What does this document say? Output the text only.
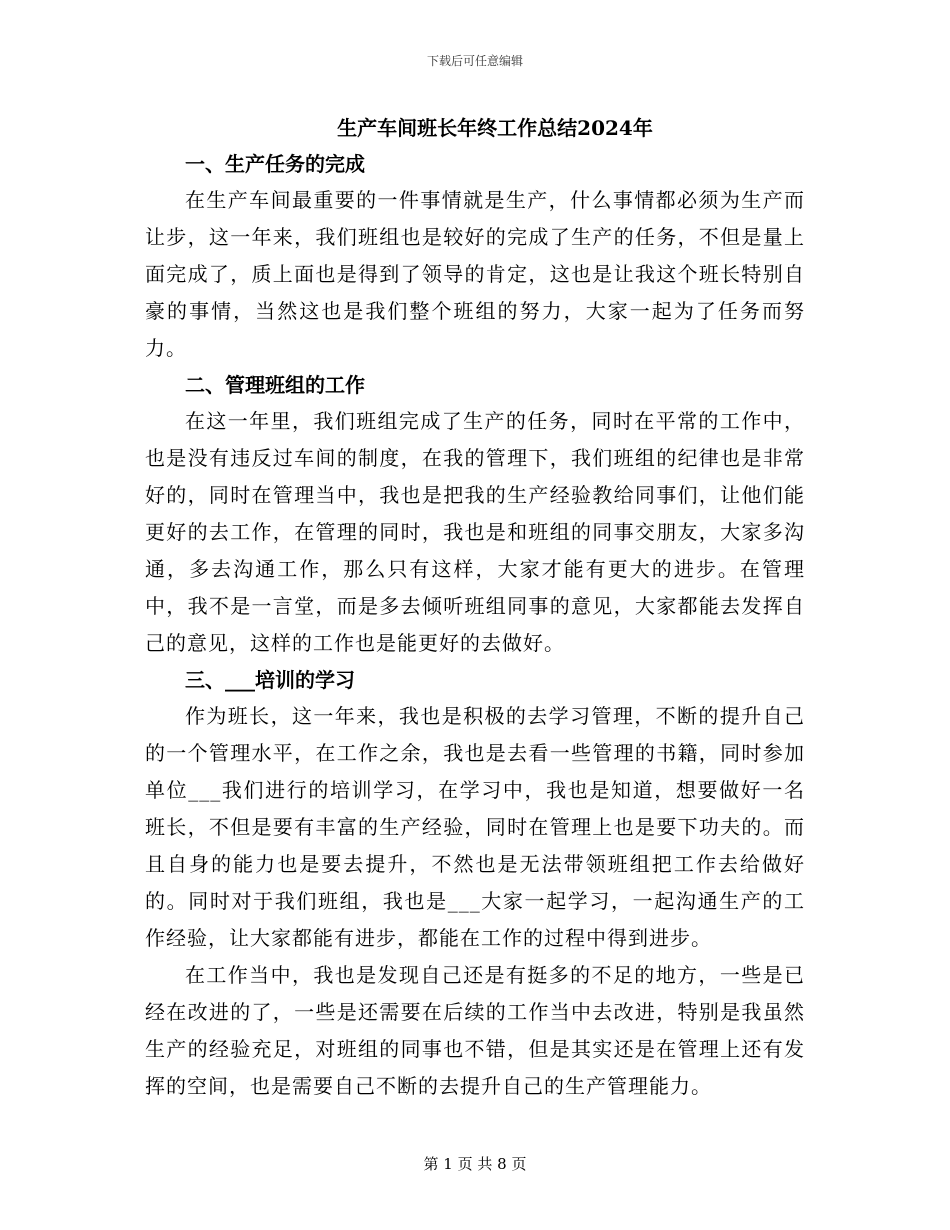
下载后可任意编辑
生产车间班长年终工作总结2024年
一、生产任务的完成

在生产车间最重要的一件事情就是生产，什么事情都必须为生产而让步，这一年来，我们班组也是较好的完成了生产的任务，不但是量上面完成了，质上面也是得到了领导的肯定，这也是让我这个班长特别自豪的事情，当然这也是我们整个班组的努力，大家一起为了任务而努力。

二、管理班组的工作

在这一年里，我们班组完成了生产的任务，同时在平常的工作中，也是没有违反过车间的制度，在我的管理下，我们班组的纪律也是非常好的，同时在管理当中，我也是把我的生产经验教给同事们，让他们能更好的去工作，在管理的同时，我也是和班组的同事交朋友，大家多沟通，多去沟通工作，那么只有这样，大家才能有更大的进步。在管理中，我不是一言堂，而是多去倾听班组同事的意见，大家都能去发挥自己的意见，这样的工作也是能更好的去做好。

三、___培训的学习

作为班长，这一年来，我也是积极的去学习管理，不断的提升自己的一个管理水平，在工作之余，我也是去看一些管理的书籍，同时参加单位___我们进行的培训学习，在学习中，我也是知道，想要做好一名班长，不但是要有丰富的生产经验，同时在管理上也是要下功夫的。而且自身的能力也是要去提升，不然也是无法带领班组把工作去给做好的。同时对于我们班组，我也是___大家一起学习，一起沟通生产的工作经验，让大家都能有进步，都能在工作的过程中得到进步。

在工作当中，我也是发现自己还是有挺多的不足的地方，一些是已经在改进的了，一些是还需要在后续的工作当中去改进，特别是我虽然生产的经验充足，对班组的同事也不错，但是其实还是在管理上还有发挥的空间，也是需要自己不断的去提升自己的生产管理能力。

第 1 页 共 8 页
